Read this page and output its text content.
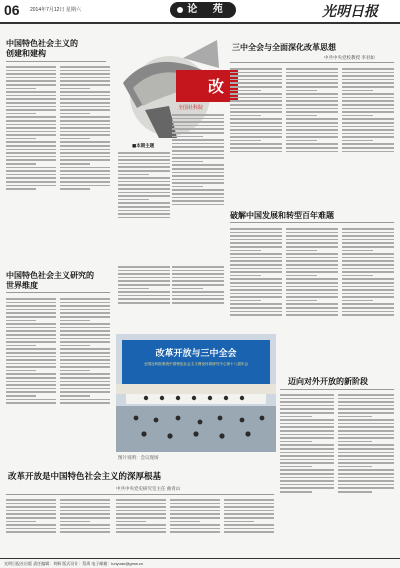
06 2014年7月12日 星期六	论 苑	光明日报
中国特色社会主义的
创建和建构
改
全国社科院
■本期主题
三中全会与全面深化改革思想
中共中央党校教授 李君如
中国特色社会主义研究的
世界维度
破解中国发展和转型百年难题
改革开放与三中全会
全国社科院系统中国特色社会主义理论体系研究中心第十八届年会
图片说明：会议现场
迈向对外开放的新阶段
改革开放是中国特色社会主义的深厚根基
中共中央党史研究室主任 曲青山
光明日报社出版 责任编辑：刘枫 版式设计：蔡禹 电子邮箱：lunyuan@gmw.cn
